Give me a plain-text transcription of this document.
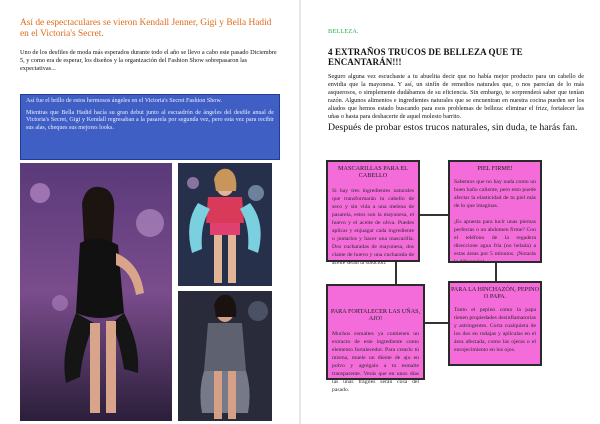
Así de espectaculares se vieron Kendall Jenner, Gigi y Bella Hadid en el Victoria's Secret.

Uno de los desfiles de moda más esperados durante todo el año se llevo a cabo este pasado Diciembre 5, y como era de esperar, los diseños y la organización del Fashion Show sobrepasaron las expectativas...

Así fue el brillo de estos hermosos ángeles en el Victoria's Secret Fashion Show.

Mientras que Bella Hadid hacía su gran debut junto al escuadrón de ángeles del desfile anual de Victoria's Secret, Gigi y Kendall regresaban a la pasarela por segunda vez, pero esta vez para recibir sus alas, cheques sus mejores looks.

BELLEZA.

4 EXTRAÑOS TRUCOS DE BELLEZA QUE TE ENCANTARÁN!!!

Seguro alguna vez escuchaste a tu abuelita decir que no había mejor producto para un cabello de envidia que la mayonesa. Y así, un sinfín de remedios naturales que, o nos parecían de lo más asquerosos, o simplemente dudábamos de su eficiencia. Sin embargo, te sorprenderá saber que tenían razón. Algunos alimentos e ingredientes naturales que se encuentran en nuestra cocina pueden ser los aliados que hemos estado buscando para esos problemas de belleza: eliminar el frizz, fortalecer las uñas o hasta para deshacerte de aquel molesto barrito.

Después de probar estos trucos naturales, sin duda, te harás fan.

MASCARILLAS PARA EL CABELLO

Si hay tres ingredientes naturales que transformarán tu cabello de seco y sin vida a una melena de pasarela, estos son la mayonesa, el huevo y el aceite de oliva. Puedes aplicar y enjuagar cada ingrediente o juntarlos y hacer una mascarilla. Dos cucharadas de mayonesa, dos clame de huevo y una cucharada de aceite serán la solución.

PIEL FIRME!

Sabemos que no hay nada como un buen baño caliente, pero esto puede afectar la elasticidad de tu piel más de lo que imaginas.

¡Es apuesta para lucir unas piernas perfectas o un abdomen firme? Con el teléfono de la regadera direccione agua fría (no helada) a estas áreas por 5 minutos. ¡Notarás la diferencia!

PARA FORTALECER LAS UÑAS, AJO!

Muchos esmaltes ya contienen un extracto de este ingrediente como elemento fortalecedor. Para crearlo tú misma, muele un diente de ajo en polvo y agrégalo a tu esmalte transparente. Verás que en unos días las uñas frágiles serán cosa del pasado.

PARA LA HINCHAZÓN, PEPINO O PAPA.

Tanto el pepino como la papa tienen propiedades desinflamatorias y astringentes. Corta cualquiera de los dos en rodajas y aplícalas en el área afectada, como las ojeras o el enrojecimiento en los ojos.
